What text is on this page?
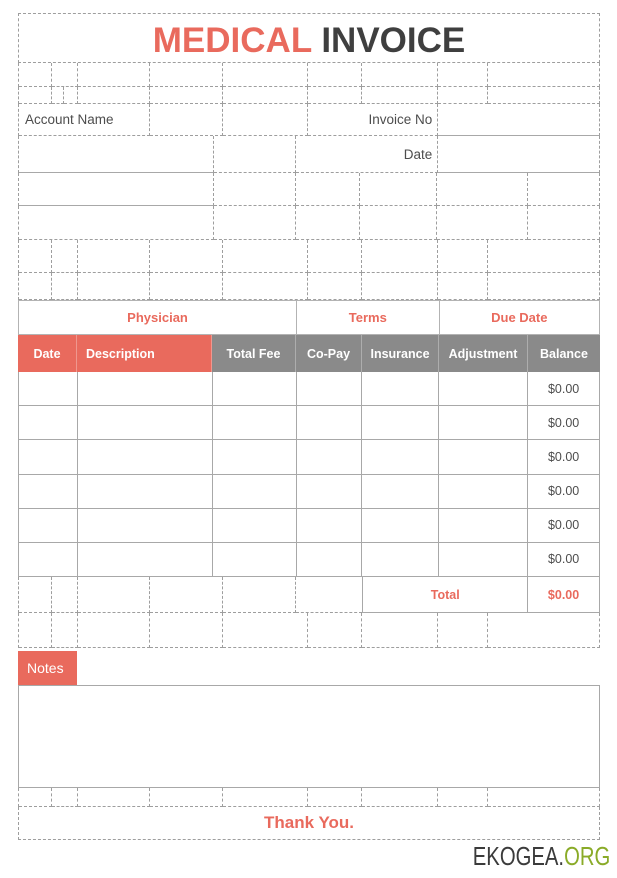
MEDICAL INVOICE
Account Name	Invoice No
Date
Physician	Terms	Due Date
Date	Description	Total Fee	Co-Pay	Insurance	Adjustment	Balance
$0.00
$0.00
$0.00
$0.00
$0.00
$0.00
Total	$0.00
Notes
Thank You.
EKOGEA.ORG
